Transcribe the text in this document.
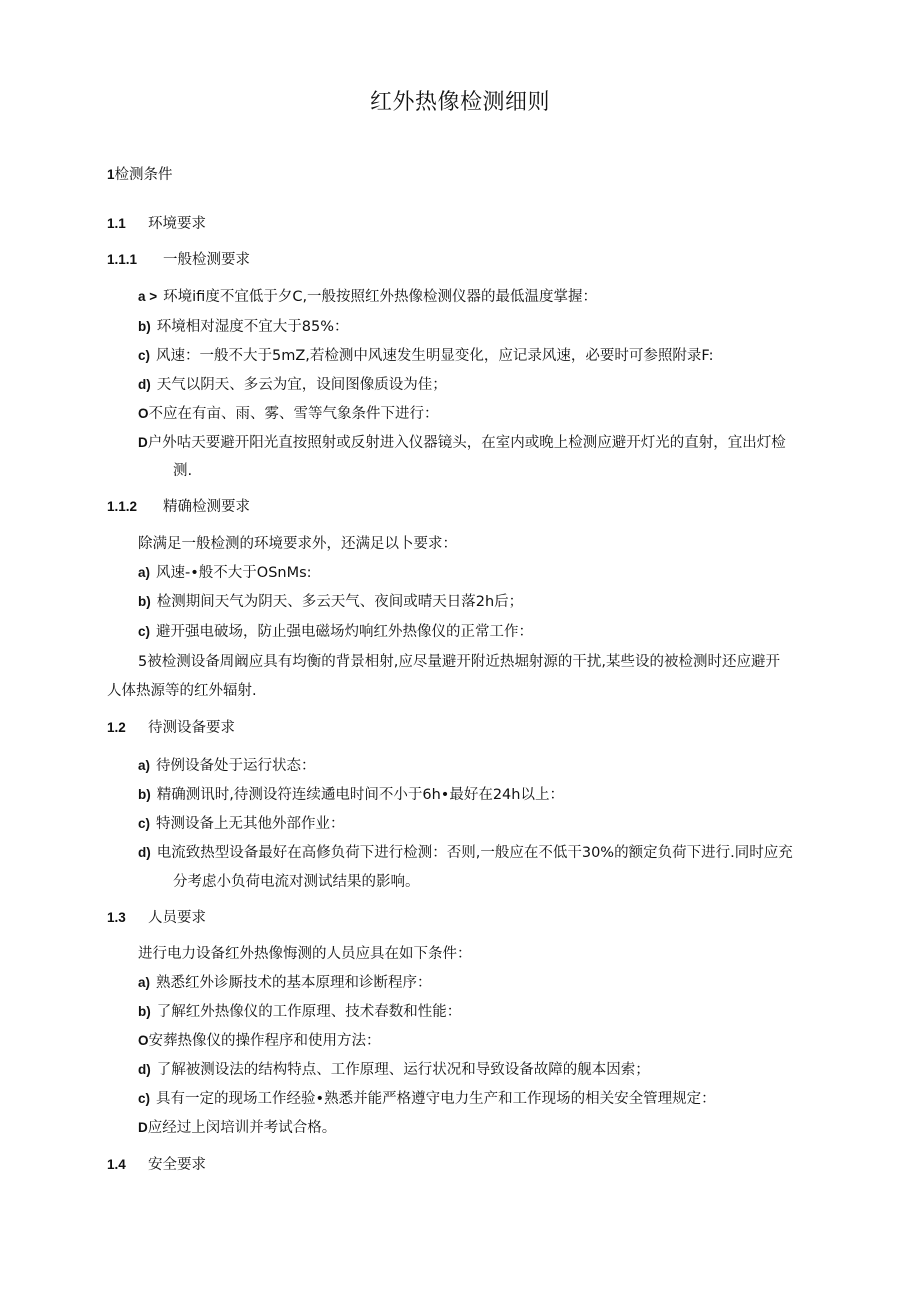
红外热像检测细则
1检测条件
1.1 环境要求
1.1.1 一般检测要求
a > 环境ifi度不宜低于夕C,一般按照红外热像检测仪器的最低温度掌握：
b) 环境相对湿度不宜大于85%：
c) 风速：一般不大于5mZ,若检测中风速发生明显变化，应记录风速，必要时可参照附录F:
d) 天气以阴天、多云为宜，设间图像质设为佳；
O不应在有亩、雨、雾、雪等气象条件下进行：
D户外咕天要避开阳光直按照射或反射进入仪器镜头，在室内或晚上检测应避开灯光的直射，宜出灯检
测.
1.1.2 精确检测要求
除满足一般检测的环境要求外，还满足以卜要求：
a) 风速-•般不大于OSnMs:
b) 检测期间天气为阴天、多云天气、夜间或晴天日落2h后；
c) 避开强电破场，防止强电磁场灼响红外热像仪的正常工作：
5被检测设备周阚应具有均衡的背景相射,应尽量避开附近热堀射源的干扰,某些设的被检测时还应避开
人体热源等的红外辐射.
1.2 待测设备要求
a) 待例设备处于运行状态：
b) 精确测讯时,待测设符连续遹电时间不小于6h•最好在24h以上：
c) 特测设备上无其他外部作业：
d) 电流致热型设备最好在高修负荷下进行检测：否则,一般应在不低干30%的额定负荷下进行.同时应充
分考虑小负荷电流对测试结果的影响。
1.3 人员要求
进行电力设备红外热像悔测的人员应具在如下条件：
a) 熟悉红外诊厮技术的基本原理和诊断程序：
b) 了解红外热像仪的工作原理、技术春数和性能：
O安葬热像仪的操作程序和使用方法：
d) 了解被测设法的结构特点、工作原理、运行状况和导致设备故障的舰本因索；
c) 具有一定的现场工作经验•熟悉并能严格遵守电力生产和工作现场的相关安全管理规定：
D应经过上闵培训并考试合格。
1.4 安全要求
